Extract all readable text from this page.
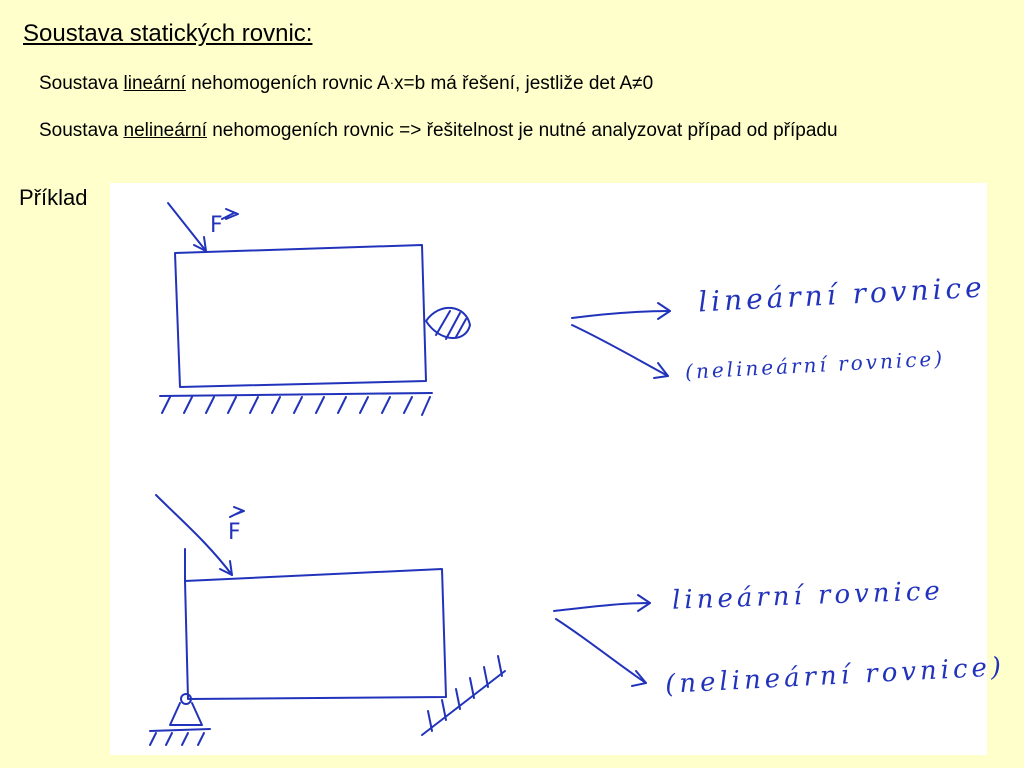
Soustava statických rovnic:

Soustava lineární nehomogeních rovnic A·x=b má řešení, jestliže det A≠0

Soustava nelineární nehomogeních rovnic => řešitelnost je nutné analyzovat případ od případu

Příklad
F
F
lineární rovnice
(nelineární rovnice)
lineární rovnice
(nelineární rovnice)
